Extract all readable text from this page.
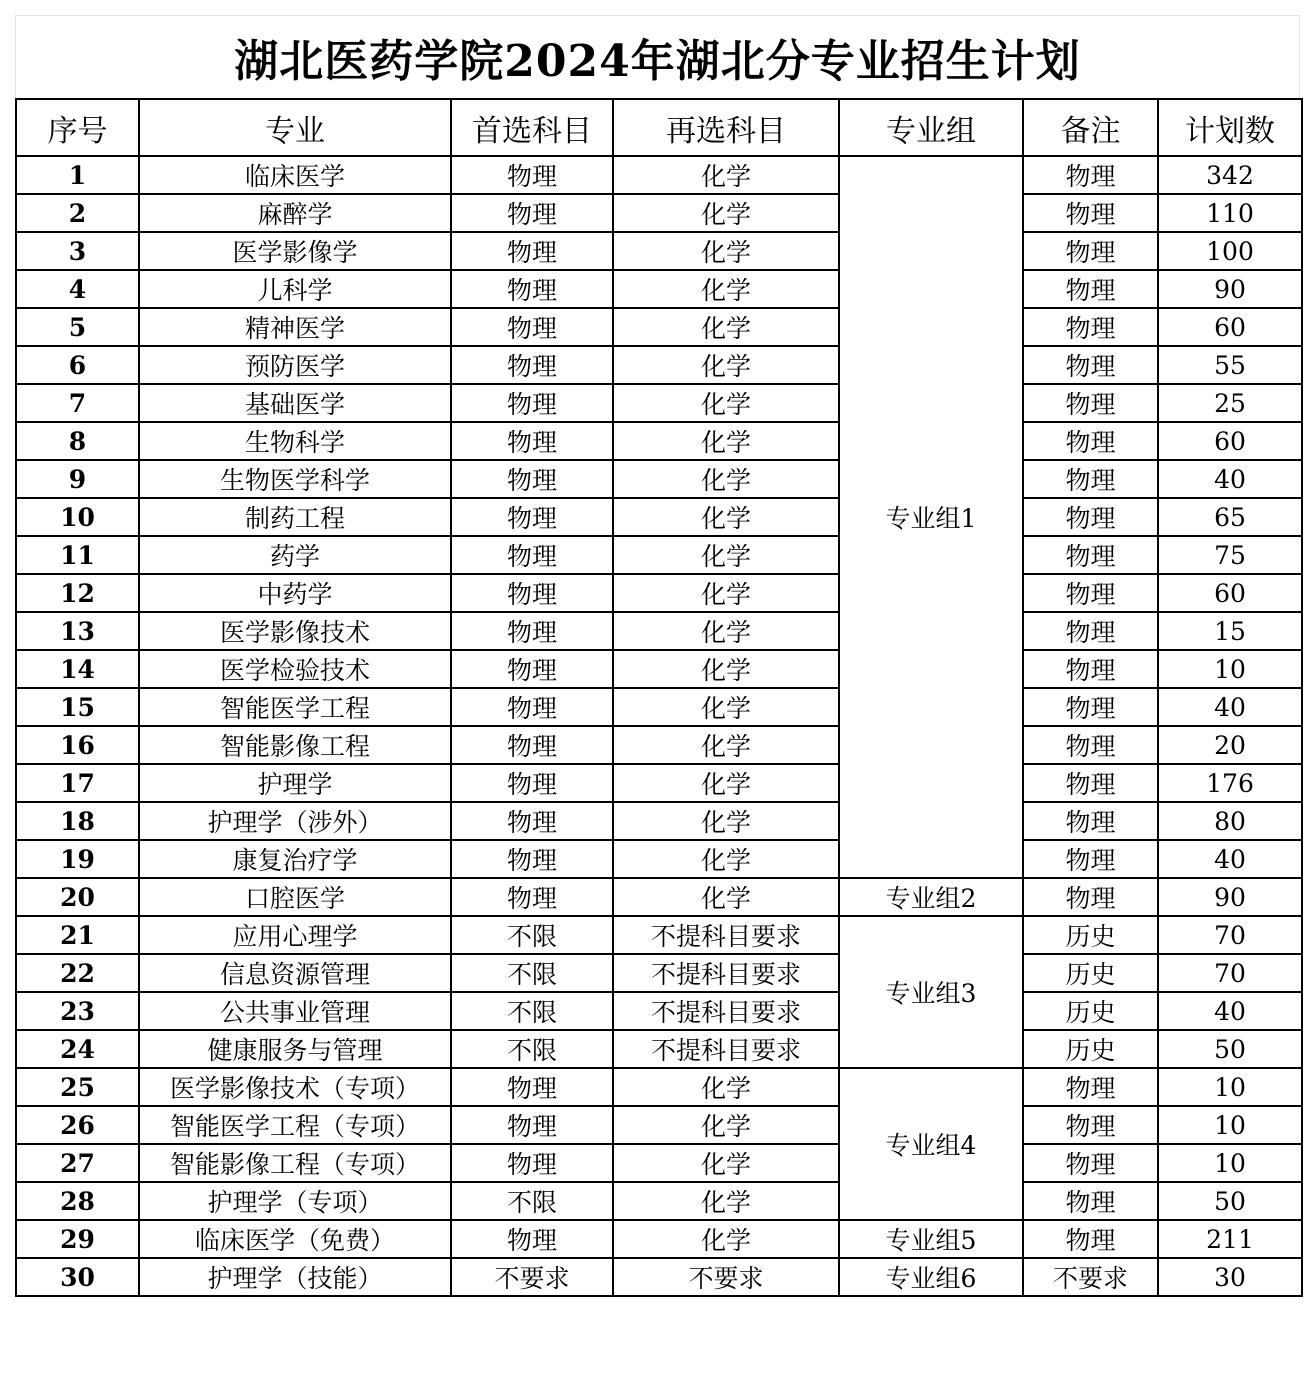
湖北医药学院2024年湖北分专业招生计划
序号	专业	首选科目	再选科目	专业组	备注	计划数
1	临床医学	物理	化学	专业组1	物理	342
2	麻醉学	物理	化学		物理	110
3	医学影像学	物理	化学		物理	100
4	儿科学	物理	化学		物理	90
5	精神医学	物理	化学		物理	60
6	预防医学	物理	化学		物理	55
7	基础医学	物理	化学		物理	25
8	生物科学	物理	化学		物理	60
9	生物医学科学	物理	化学		物理	40
10	制药工程	物理	化学		物理	65
11	药学	物理	化学		物理	75
12	中药学	物理	化学		物理	60
13	医学影像技术	物理	化学		物理	15
14	医学检验技术	物理	化学		物理	10
15	智能医学工程	物理	化学		物理	40
16	智能影像工程	物理	化学		物理	20
17	护理学	物理	化学		物理	176
18	护理学（涉外）	物理	化学		物理	80
19	康复治疗学	物理	化学		物理	40
20	口腔医学	物理	化学	专业组2	物理	90
21	应用心理学	不限	不提科目要求	专业组3	历史	70
22	信息资源管理	不限	不提科目要求		历史	70
23	公共事业管理	不限	不提科目要求		历史	40
24	健康服务与管理	不限	不提科目要求		历史	50
25	医学影像技术（专项）	物理	化学	专业组4	物理	10
26	智能医学工程（专项）	物理	化学		物理	10
27	智能影像工程（专项）	物理	化学		物理	10
28	护理学（专项）	不限	化学		物理	50
29	临床医学（免费）	物理	化学	专业组5	物理	211
30	护理学（技能）	不要求	不要求	专业组6	不要求	30
